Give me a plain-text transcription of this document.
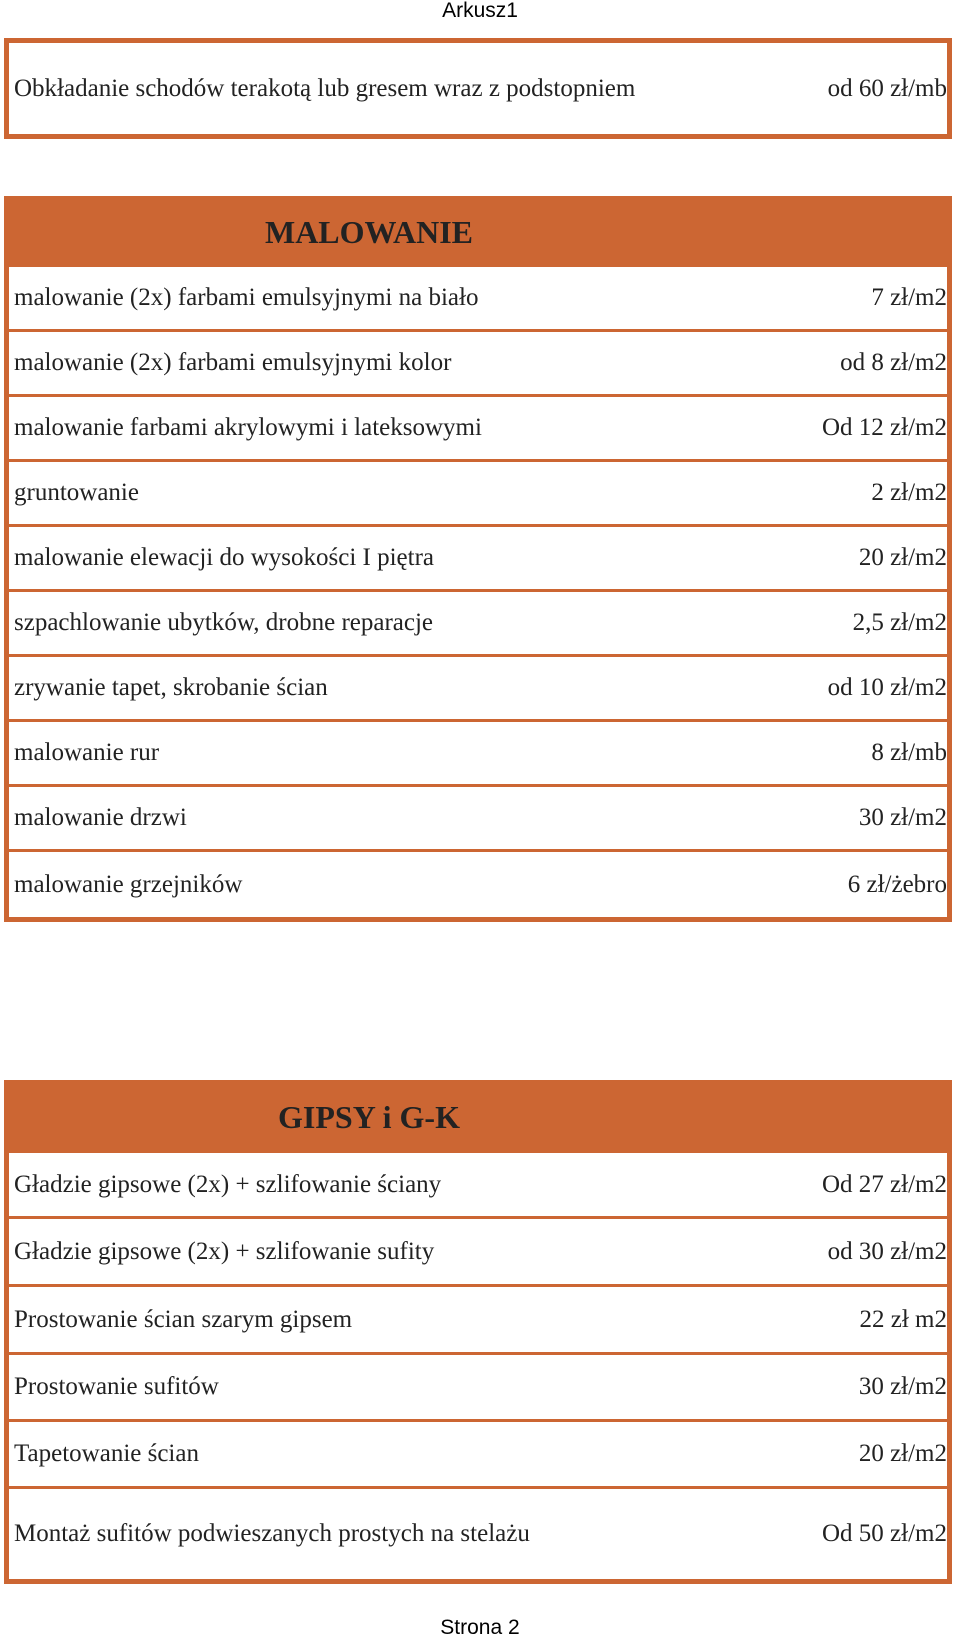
Arkusz1
Obkładanie schodów terakotą lub gresem wraz z podstopniem	od 60 zł/mb
MALOWANIE
malowanie (2x) farbami emulsyjnymi na biało	7 zł/m2
malowanie (2x) farbami emulsyjnymi kolor	od 8 zł/m2
malowanie farbami akrylowymi i lateksowymi	Od 12 zł/m2
gruntowanie	2 zł/m2
malowanie elewacji do wysokości I piętra	20 zł/m2
szpachlowanie ubytków, drobne reparacje	2,5 zł/m2
zrywanie tapet, skrobanie ścian	od 10 zł/m2
malowanie rur	8 zł/mb
malowanie drzwi	30 zł/m2
malowanie grzejników	6 zł/żebro
GIPSY i G-K
Gładzie gipsowe (2x) + szlifowanie ściany	Od 27 zł/m2
Gładzie gipsowe (2x) + szlifowanie sufity	od 30 zł/m2
Prostowanie ścian szarym gipsem	22 zł m2
Prostowanie sufitów	30 zł/m2
Tapetowanie ścian	20 zł/m2
Montaż sufitów podwieszanych prostych na stelażu	Od 50 zł/m2
Strona 2
